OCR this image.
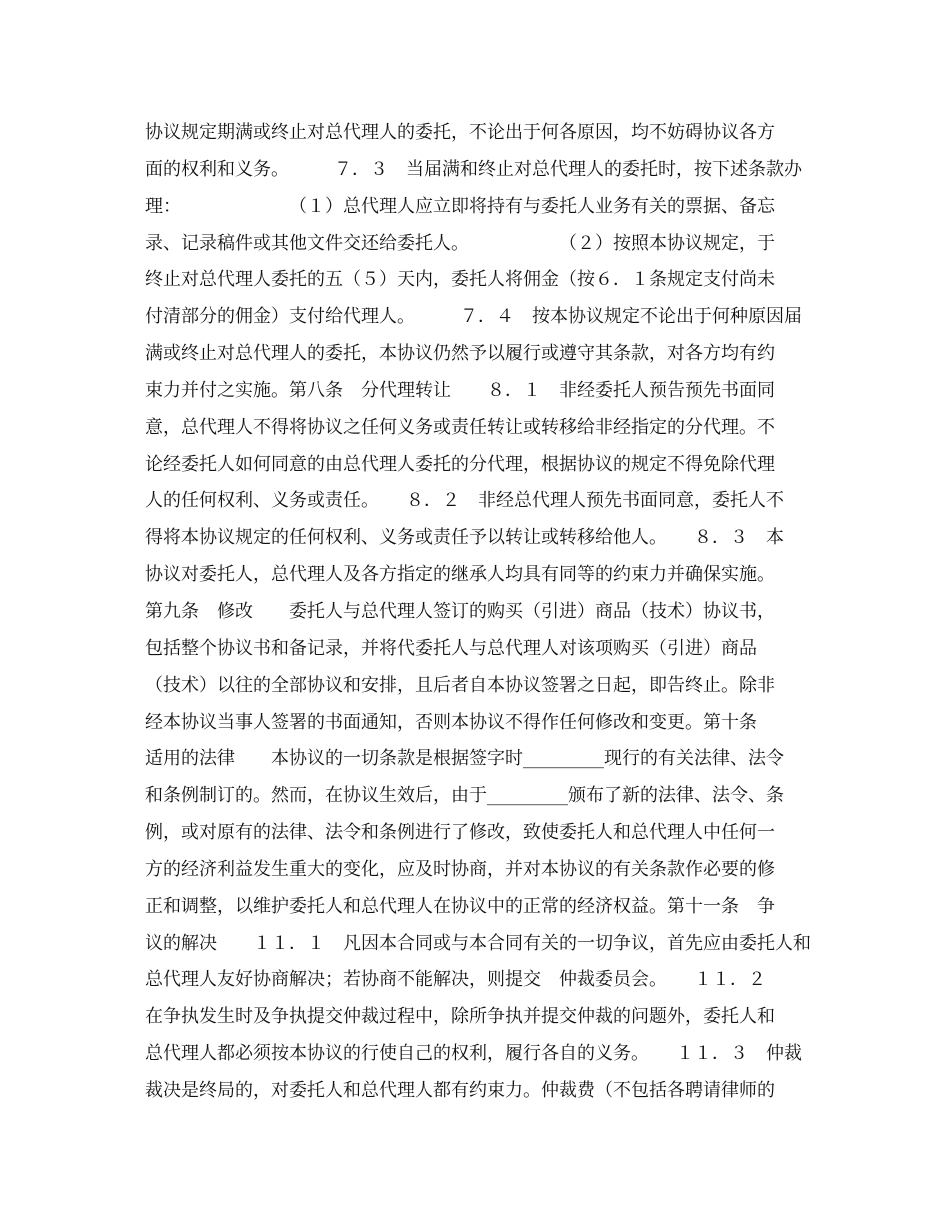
协议规定期满或终止对总代理人的委托，不论出于何各原因，均不妨碍协议各方
面的权利和义务。　　　７．３　当届满和终止对总代理人的委托时，按下述条款办
理：　　　　　　　（１）总代理人应立即将持有与委托人业务有关的票据、备忘
录、记录稿件或其他文件交还给委托人。　　　　　　（２）按照本协议规定，于
终止对总代理人委托的五（５）天内，委托人将佣金（按６．１条规定支付尚未
付清部分的佣金）支付给代理人。　　　７．４　按本协议规定不论出于何种原因届
满或终止对总代理人的委托，本协议仍然予以履行或遵守其条款，对各方均有约
束力并付之实施。第八条　分代理转让　　８．１　非经委托人预告预先书面同
意，总代理人不得将协议之任何义务或责任转让或转移给非经指定的分代理。不
论经委托人如何同意的由总代理人委托的分代理，根据协议的规定不得免除代理
人的任何权利、义务或责任。　　８．２　非经总代理人预先书面同意，委托人不
得将本协议规定的任何权利、义务或责任予以转让或转移给他人。　　８．３　本
协议对委托人，总代理人及各方指定的继承人均具有同等的约束力并确保实施。
第九条　修改　　委托人与总代理人签订的购买（引进）商品（技术）协议书，
包括整个协议书和备记录，并将代委托人与总代理人对该项购买（引进）商品
（技术）以往的全部协议和安排，且后者自本协议签署之日起，即告终止。除非
经本协议当事人签署的书面通知，否则本协议不得作任何修改和变更。第十条
适用的法律　　本协议的一切条款是根据签字时_________现行的有关法律、法令
和条例制订的。然而，在协议生效后，由于_________颁布了新的法律、法令、条
例，或对原有的法律、法令和条例进行了修改，致使委托人和总代理人中任何一
方的经济利益发生重大的变化，应及时协商，并对本协议的有关条款作必要的修
正和调整，以维护委托人和总代理人在协议中的正常的经济权益。第十一条　争
议的解决　　１１．１　凡因本合同或与本合同有关的一切争议，首先应由委托人和
总代理人友好协商解决；若协商不能解决，则提交　仲裁委员会。　　１１．２
在争执发生时及争执提交仲裁过程中，除所争执并提交仲裁的问题外，委托人和
总代理人都必须按本协议的行使自己的权利，履行各自的义务。　　１１．３　仲裁
裁决是终局的，对委托人和总代理人都有约束力。仲裁费（不包括各聘请律师的
